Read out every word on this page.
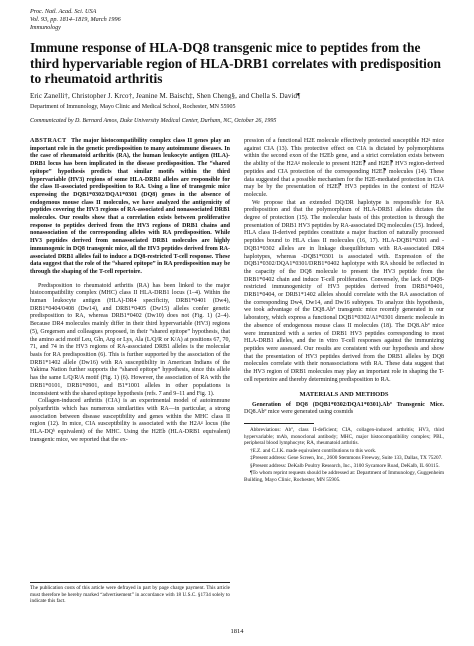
Proc. Natl. Acad. Sci. USA
Vol. 93, pp. 1814–1819, March 1996
Immunology
Immune response of HLA-DQ8 transgenic mice to peptides from the third hypervariable region of HLA-DRB1 correlates with predisposition to rheumatoid arthritis
Eric Zanelli†, Christopher J. Krco†, Jeanine M. Baisch‡, Shen Cheng§, and Chella S. David¶
Department of Immunology, Mayo Clinic and Medical School, Rochester, MN 55905
Communicated by D. Bernard Amos, Duke University Medical Center, Durham, NC, October 26, 1995
ABSTRACT The major histocompatibility complex class II genes play an important role in the genetic predisposition to many autoimmune diseases. In the case of rheumatoid arthritis (RA), the human leukocyte antigen (HLA)-DRB1 locus has been implicated in the disease predisposition. The “shared epitope” hypothesis predicts that similar motifs within the third hypervariable (HV3) regions of some HLA-DRB1 alleles are responsible for the class II-associated predisposition to RA. Using a line of transgenic mice expressing the DQB1*0302/DQA1*0301 (DQ8) genes in the absence of endogenous mouse class II molecules, we have analyzed the antigenicity of peptides covering the HV3 regions of RA-associated and nonassociated DRB1 molecules. Our results show that a correlation exists between proliferative response to peptides derived from the HV3 regions of DRB1 chains and nonassociation of the corresponding alleles with RA predisposition. While HV3 peptides derived from nonassociated DRB1 molecules are highly immunogenic in DQ8 transgenic mice, all the HV3 peptides derived from RA-associated DRB1 alleles fail to induce a DQ8-restricted T-cell response. These data suggest that the role of the “shared epitope” in RA predisposition may be through the shaping of the T-cell repertoire.

Predisposition to rheumatoid arthritis (RA) has been linked to the major histocompatibility complex (MHC) class II HLA-DRB1 locus (1–4). Within the human leukocyte antigen (HLA)-DR4 specificity, DRB1*0401 (Dw4), DRB1*0404/0408 (Dw14), and DRB1*0405 (Dw15) alleles confer genetic predisposition to RA, whereas DRB1*0402 (Dw10) does not (Fig. 1) (2–4). Because DR4 molecules mainly differ in their third hypervariable (HV3) regions (5), Gregersen and colleagues proposed, in their “shared epitope” hypothesis, that the amino acid motif Leu, Gln, Arg or Lys, Ala (L/Q/R or K/A) at positions 67, 70, 71, and 74 in the HV3 regions of RA-associated DRB1 alleles is the molecular basis for RA predisposition (6). This is further supported by the association of the DRB1*1402 allele (Dw16) with RA susceptibility in American Indians of the Yakima Nation further supports the “shared epitope” hypothesis, since this allele has the same L/Q/R/A motif (Fig. 1) (6). However, the association of RA with the DRB1*0101, DRB1*0901, and B1*1001 alleles in other populations is inconsistent with the shared epitope hypothesis (refs. 7 and 9–11 and Fig. 1).

Collagen-induced arthritis (CIA) is an experimental model of autoimmune polyarthritis which has numerous similarities with RA—in particular, a strong association between disease susceptibility and genes within the MHC class II region (12). In mice, CIA susceptibility is associated with the H2Aᵍ locus (the HLA-DQᵇ equivalent) of the MHC. Using the H2Eb (HLA-DRB1 equivalent) transgenic mice, we reported that the ex-

The publication costs of this article were defrayed in part by page charge payment. This article must therefore be hereby marked “advertisement” in accordance with 18 U.S.C. §1734 solely to indicate this fact.

pression of a functional H2E molecule effectively protected susceptible H2ᵍ mice against CIA (13). This protective effect on CIA is dictated by polymorphisms within the second exon of the H2Eb gene, and a strict correlation exists between the ability of the H2Aᵍ molecule to present H2E⁋ and H2E⁋ HV3 region-derived peptides and CIA protection of the corresponding H2E⁋ molecules (14). These data suggested that a possible mechanism for the H2E-mediated protection in CIA may be by the presentation of H2E⁋ HV3 peptides in the context of H2Aᵍ molecule.

We propose that an extended DQ/DR haplotype is responsible for RA predisposition and that the polymorphism of HLA-DRB1 alleles dictates the degree of protection (15). The molecular basis of this protection is through the presentation of DRB1 HV3 peptides by RA-associated DQ molecules (15). Indeed, HLA class II-derived peptides constitute a major fraction of naturally processed peptides bound to HLA class II molecules (16, 17). HLA-DQB1*0301 and -DQB1*0302 alleles are in linkage disequilibrium with RA-associated DR4 haplotypes, whereas -DQB1*0301 is associated with. Expression of the DQB1*0302/DQA1*0301/DRB1*0402 haplotype with RA should be reflected in the capacity of the DQ8 molecule to present the HV3 peptide from the DRB1*0402 chain and induce T-cell proliferation. Conversely, the lack of DQ8-restricted immunogenicity of HV3 peptides derived from DRB1*0401, DRB1*0404, or DRB1*1402 alleles should correlate with the RA association of the corresponding Dw4, Dw14, and Dw16 subtypes. To analyze this hypothesis, we took advantage of the DQ8.Abº transgenic mice recently generated in our laboratory, which express a functional DQB1*0302/A1*0301 dimeric molecule in the absence of endogenous mouse class II molecules (18). The DQ8.Abº mice were immunized with a series of DRB1 HV3 peptides corresponding to most HLA-DRB1 alleles, and the in vitro T-cell responses against the immunizing peptides were assessed. Our results are consistent with our hypothesis and show that the presentation of HV3 peptides derived from the DRB1 alleles by DQ8 molecules correlate with their nonassociations with RA. These data suggest that the HV3 region of DRB1 molecules may play an important role in shaping the T-cell repertoire and thereby determining predisposition to RA.

MATERIALS AND METHODS
Generation of DQ8 (DQB1*0302/DQA1*0301).Abº Transgenic Mice. DQ8.Abº mice were generated using cosmids

Abbreviations: Abº, class II-deficient; CIA, collagen-induced arthritis; HV3, third hypervariable; mAb, monoclonal antibody; MHC, major histocompatibility complex; PBL, peripheral blood lymphocyte; RA, rheumatoid arthritis.

†E.Z. and C.J.K. made equivalent contributions to this work.

‡Present address: Gene Screen, Inc., 2600 Stemmons Freeway, Suite 133, Dallas, TX 75207.

§Present address: DeKalb Poultry Research, Inc., 3100 Sycamore Road, DeKalb, IL 60115.

¶To whom reprint requests should be addressed at: Department of Immunology, Guggenheim Building, Mayo Clinic, Rochester, MN 55905.

1814
